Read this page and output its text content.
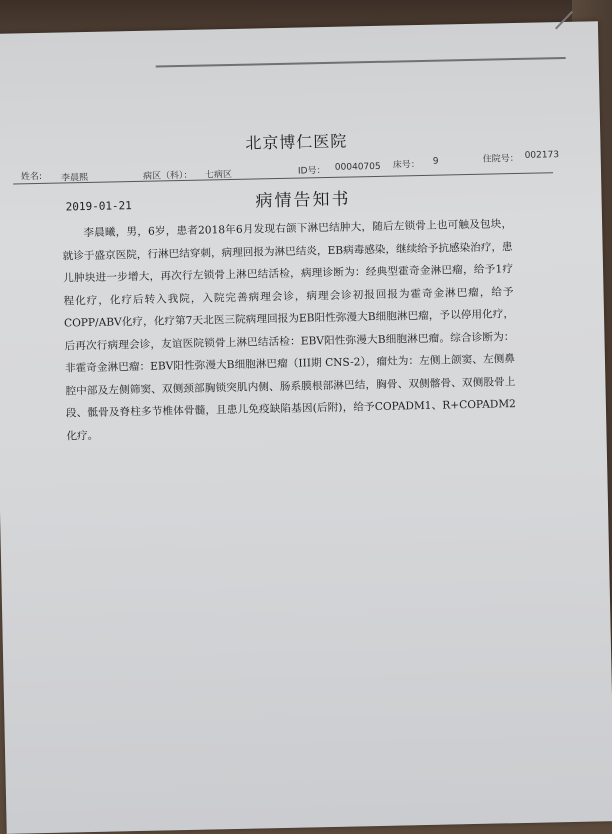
北京博仁医院
姓名: 李晨熙	病区（科）： 七病区	ID号： 00040705 床号： 9	住院号： 002173
2019-01-21	病情告知书

李晨曦，男，6岁，患者2018年6月发现右颌下淋巴结肿大，随后左锁骨上也可触及包块，就诊于盛京医院，行淋巴结穿刺，病理回报为淋巴结炎，EB病毒感染，继续给予抗感染治疗，患儿肿块进一步增大，再次行左锁骨上淋巴结活检，病理诊断为：经典型霍奇金淋巴瘤，给予1疗程化疗，化疗后转入我院，入院完善病理会诊，病理会诊初报回报为霍奇金淋巴瘤，给予COPP/ABV化疗，化疗第7天北医三院病理回报为EB阳性弥漫大B细胞淋巴瘤，予以停用化疗，后再次行病理会诊，友谊医院锁骨上淋巴结活检：EBV阳性弥漫大B细胞淋巴瘤。综合诊断为：非霍奇金淋巴瘤：EBV阳性弥漫大B细胞淋巴瘤（III期 CNS-2），瘤灶为：左侧上颌窦、左侧鼻腔中部及左侧筛窦、双侧颈部胸锁突肌内侧、肠系膜根部淋巴结，胸骨、双侧髂骨、双侧股骨上段、骶骨及脊柱多节椎体骨髓，且患儿免疫缺陷基因(后附)，给予COPADM1、R+COPADM2化疗。
